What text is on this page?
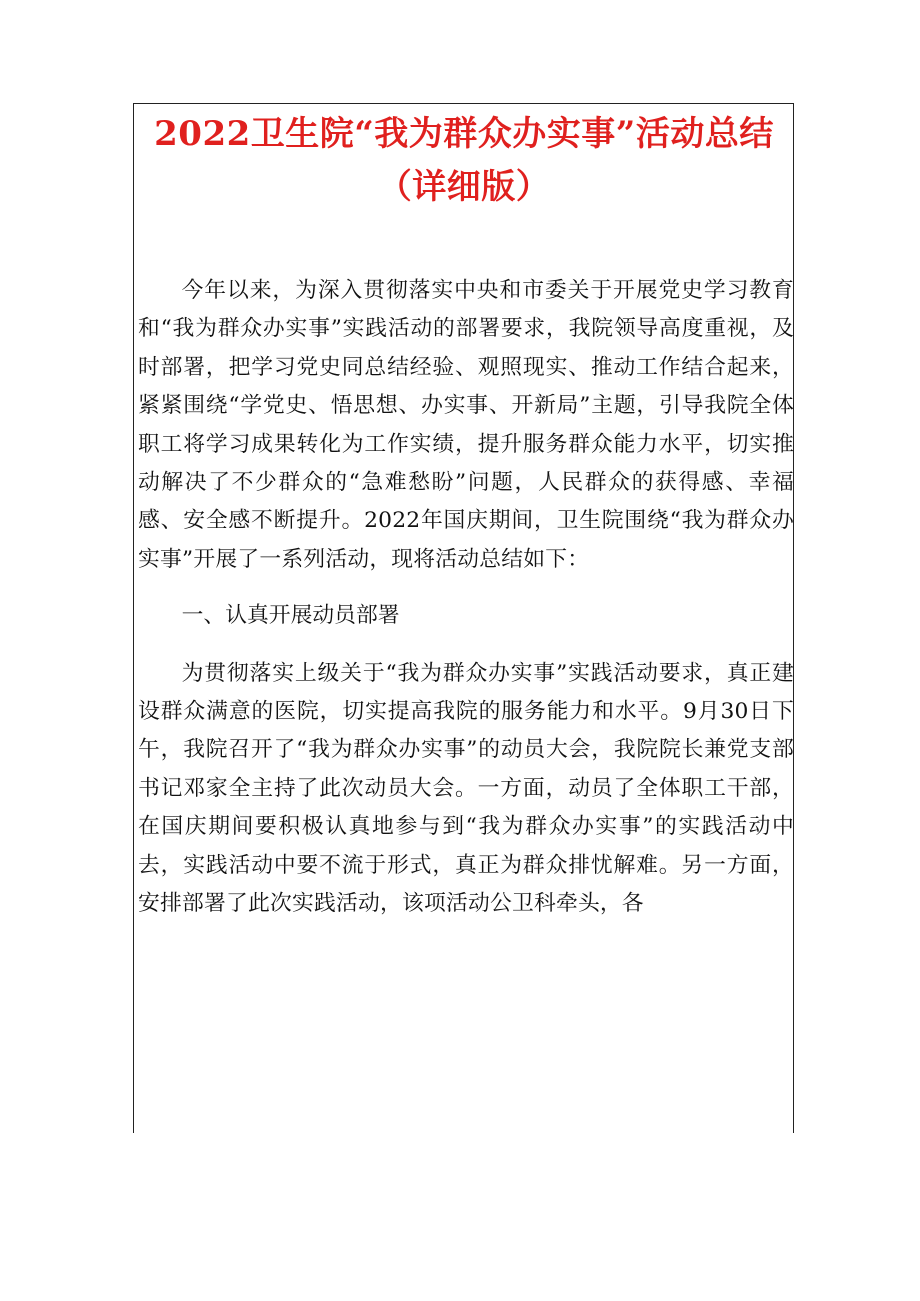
2022卫生院“我为群众办实事”活动总结（详细版）

今年以来，为深入贯彻落实中央和市委关于开展党史学习教育和“我为群众办实事”实践活动的部署要求，我院领导高度重视，及时部署，把学习党史同总结经验、观照现实、推动工作结合起来，紧紧围绕“学党史、悟思想、办实事、开新局”主题，引导我院全体职工将学习成果转化为工作实绩，提升服务群众能力水平，切实推动解决了不少群众的“急难愁盼”问题，人民群众的获得感、幸福感、安全感不断提升。2022年国庆期间，卫生院围绕“我为群众办实事”开展了一系列活动，现将活动总结如下：

一、认真开展动员部署

为贯彻落实上级关于“我为群众办实事”实践活动要求，真正建设群众满意的医院，切实提高我院的服务能力和水平。9月30日下午，我院召开了“我为群众办实事”的动员大会，我院院长兼党支部书记邓家全主持了此次动员大会。一方面，动员了全体职工干部，在国庆期间要积极认真地参与到“我为群众办实事”的实践活动中去，实践活动中要不流于形式，真正为群众排忧解难。另一方面，安排部署了此次实践活动，该项活动公卫科牵头，各
